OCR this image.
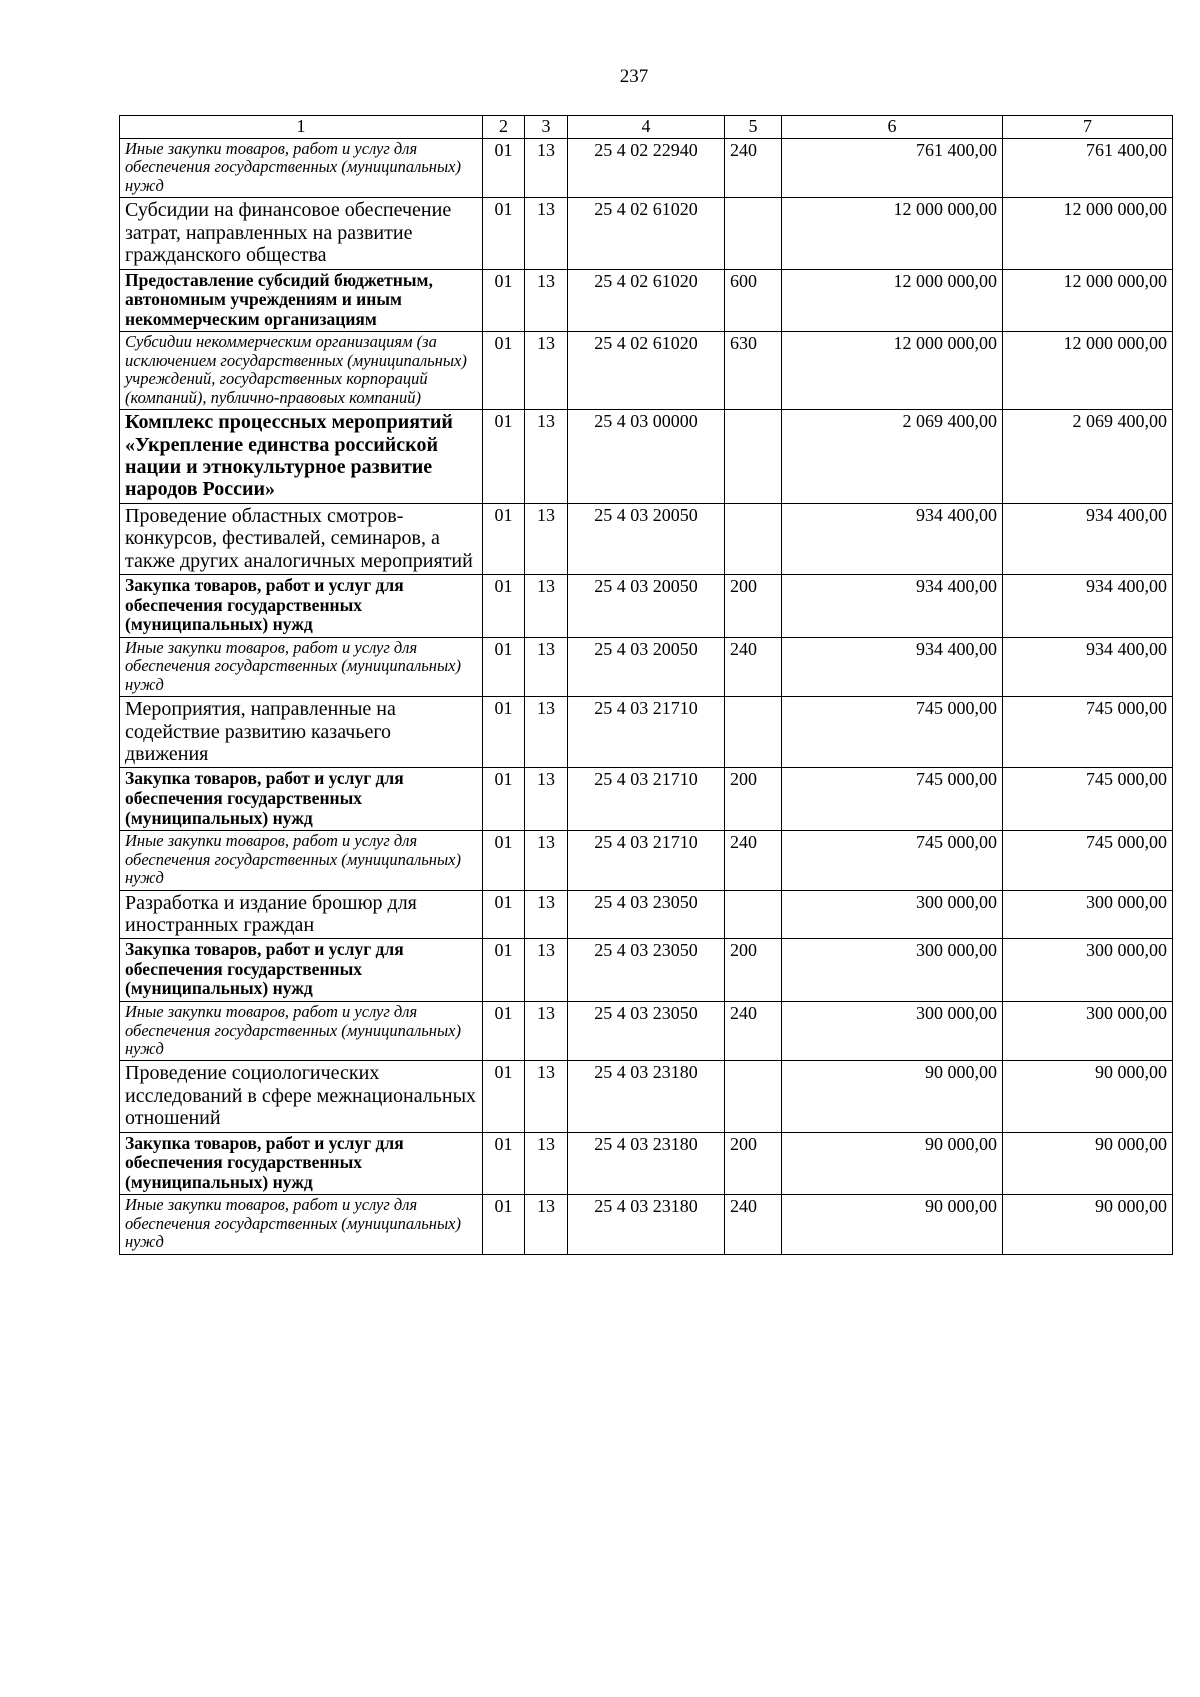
237
1	2	3	4	5	6	7
Иные закупки товаров, работ и услуг для обеспечения государственных (муниципальных) нужд	01	13	25 4 02 22940	240	761 400,00	761 400,00
Субсидии на финансовое обеспечение затрат, направленных на развитие гражданского общества	01	13	25 4 02 61020		12 000 000,00	12 000 000,00
Предоставление субсидий бюджетным, автономным учреждениям и иным некоммерческим организациям	01	13	25 4 02 61020	600	12 000 000,00	12 000 000,00
Субсидии некоммерческим организациям (за исключением государственных (муниципальных) учреждений, государственных корпораций (компаний), публично-правовых компаний)	01	13	25 4 02 61020	630	12 000 000,00	12 000 000,00
Комплекс процессных мероприятий «Укрепление единства российской нации и этнокультурное развитие народов России»	01	13	25 4 03 00000		2 069 400,00	2 069 400,00
Проведение областных смотров-конкурсов, фестивалей, семинаров, а также других аналогичных мероприятий	01	13	25 4 03 20050		934 400,00	934 400,00
Закупка товаров, работ и услуг для обеспечения государственных (муниципальных) нужд	01	13	25 4 03 20050	200	934 400,00	934 400,00
Иные закупки товаров, работ и услуг для обеспечения государственных (муниципальных) нужд	01	13	25 4 03 20050	240	934 400,00	934 400,00
Мероприятия, направленные на содействие развитию казачьего движения	01	13	25 4 03 21710		745 000,00	745 000,00
Закупка товаров, работ и услуг для обеспечения государственных (муниципальных) нужд	01	13	25 4 03 21710	200	745 000,00	745 000,00
Иные закупки товаров, работ и услуг для обеспечения государственных (муниципальных) нужд	01	13	25 4 03 21710	240	745 000,00	745 000,00
Разработка и издание брошюр для иностранных граждан	01	13	25 4 03 23050		300 000,00	300 000,00
Закупка товаров, работ и услуг для обеспечения государственных (муниципальных) нужд	01	13	25 4 03 23050	200	300 000,00	300 000,00
Иные закупки товаров, работ и услуг для обеспечения государственных (муниципальных) нужд	01	13	25 4 03 23050	240	300 000,00	300 000,00
Проведение социологических исследований в сфере межнациональных отношений	01	13	25 4 03 23180		90 000,00	90 000,00
Закупка товаров, работ и услуг для обеспечения государственных (муниципальных) нужд	01	13	25 4 03 23180	200	90 000,00	90 000,00
Иные закупки товаров, работ и услуг для обеспечения государственных (муниципальных) нужд	01	13	25 4 03 23180	240	90 000,00	90 000,00
